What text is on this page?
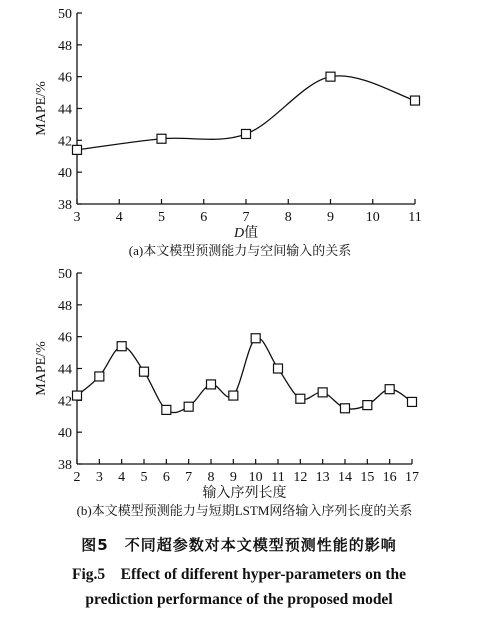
38
40
42
44
46
48
50
3	4	5	6	7	8	9 10 11
MAPE/%
D值
(a)本文模型预测能力与空间输入的关系
38
40
42
44
46
48
50
2 3 4 5 6 7 8 9 10 11 12 13 14 15 16 17
MAPE/%
输入序列长度
(b)本文模型预测能力与短期LSTM网络输入序列长度的关系
图5　不同超参数对本文模型预测性能的影响
Fig.5　Effect of different hyper-parameters on the
prediction performance of the proposed model
